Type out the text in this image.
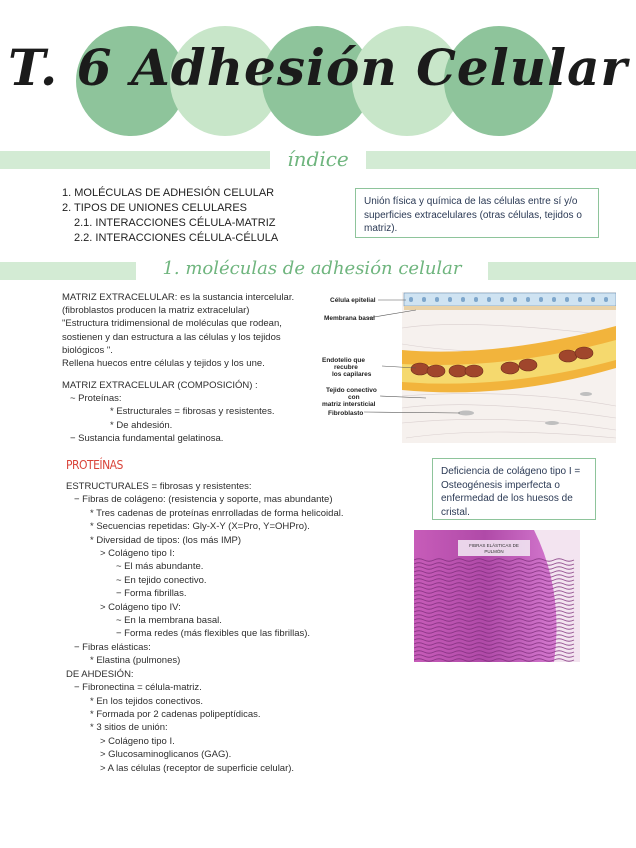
T. 6 Adhesión Celular
índice
1. MOLÉCULAS DE ADHESIÓN CELULAR
2. TIPOS DE UNIONES CELULARES
2.1. INTERACCIONES CÉLULA-MATRIZ
2.2. INTERACCIONES CÉLULA-CÉLULA
Unión física y química de las células entre sí y/o superficies extracelulares (otras células, tejidos o matriz).
1. moléculas de adhesión celular
MATRIZ EXTRACELULAR: es la sustancia intercelular.
(fibroblastos producen la matriz extracelular)
"Estructura tridimensional de moléculas que rodean,
sostienen y dan estructura a las células y los tejidos
biológicos ".
Rellena huecos entre células y tejidos y los une.
MATRIZ EXTRACELULAR (COMPOSICIÓN) :
~ Proteínas:
* Estructurales = fibrosas y resistentes.
* De ahdesión.
− Sustancia fundamental gelatinosa.
Célula epitelial
Membrana basal
Endotelio que
recubre
los capilares
Tejido conectivo
con
matriz intersticial
Fibroblasto
PROTEÍNAS
ESTRUCTURALES = fibrosas y resistentes:
− Fibras de colágeno: (resistencia y soporte, mas abundante)
* Tres cadenas de proteínas enrrolladas de forma helicoidal.
* Secuencias repetidas: Gly-X-Y (X=Pro, Y=OHPro).
* Diversidad de tipos: (los más IMP)
> Colágeno tipo I:
~ El más abundante.
~ En tejido conectivo.
− Forma fibrillas.
> Colágeno tipo IV:
~ En la membrana basal.
− Forma redes (más flexibles que las fibrillas).
− Fibras elásticas:
* Elastina (pulmones)
DE AHDESIÓN:
− Fibronectina = célula-matriz.
* En los tejidos conectivos.
* Formada por 2 cadenas polipeptídicas.
* 3 sitios de unión:
> Colágeno tipo I.
> Glucosaminoglicanos (GAG).
> A las células (receptor de superficie celular).
Deficiencia de colágeno tipo I = Osteogénesis imperfecta o enfermedad de los huesos de cristal.
FIBRAS ELÁSTICAS DE
PULMÓN
